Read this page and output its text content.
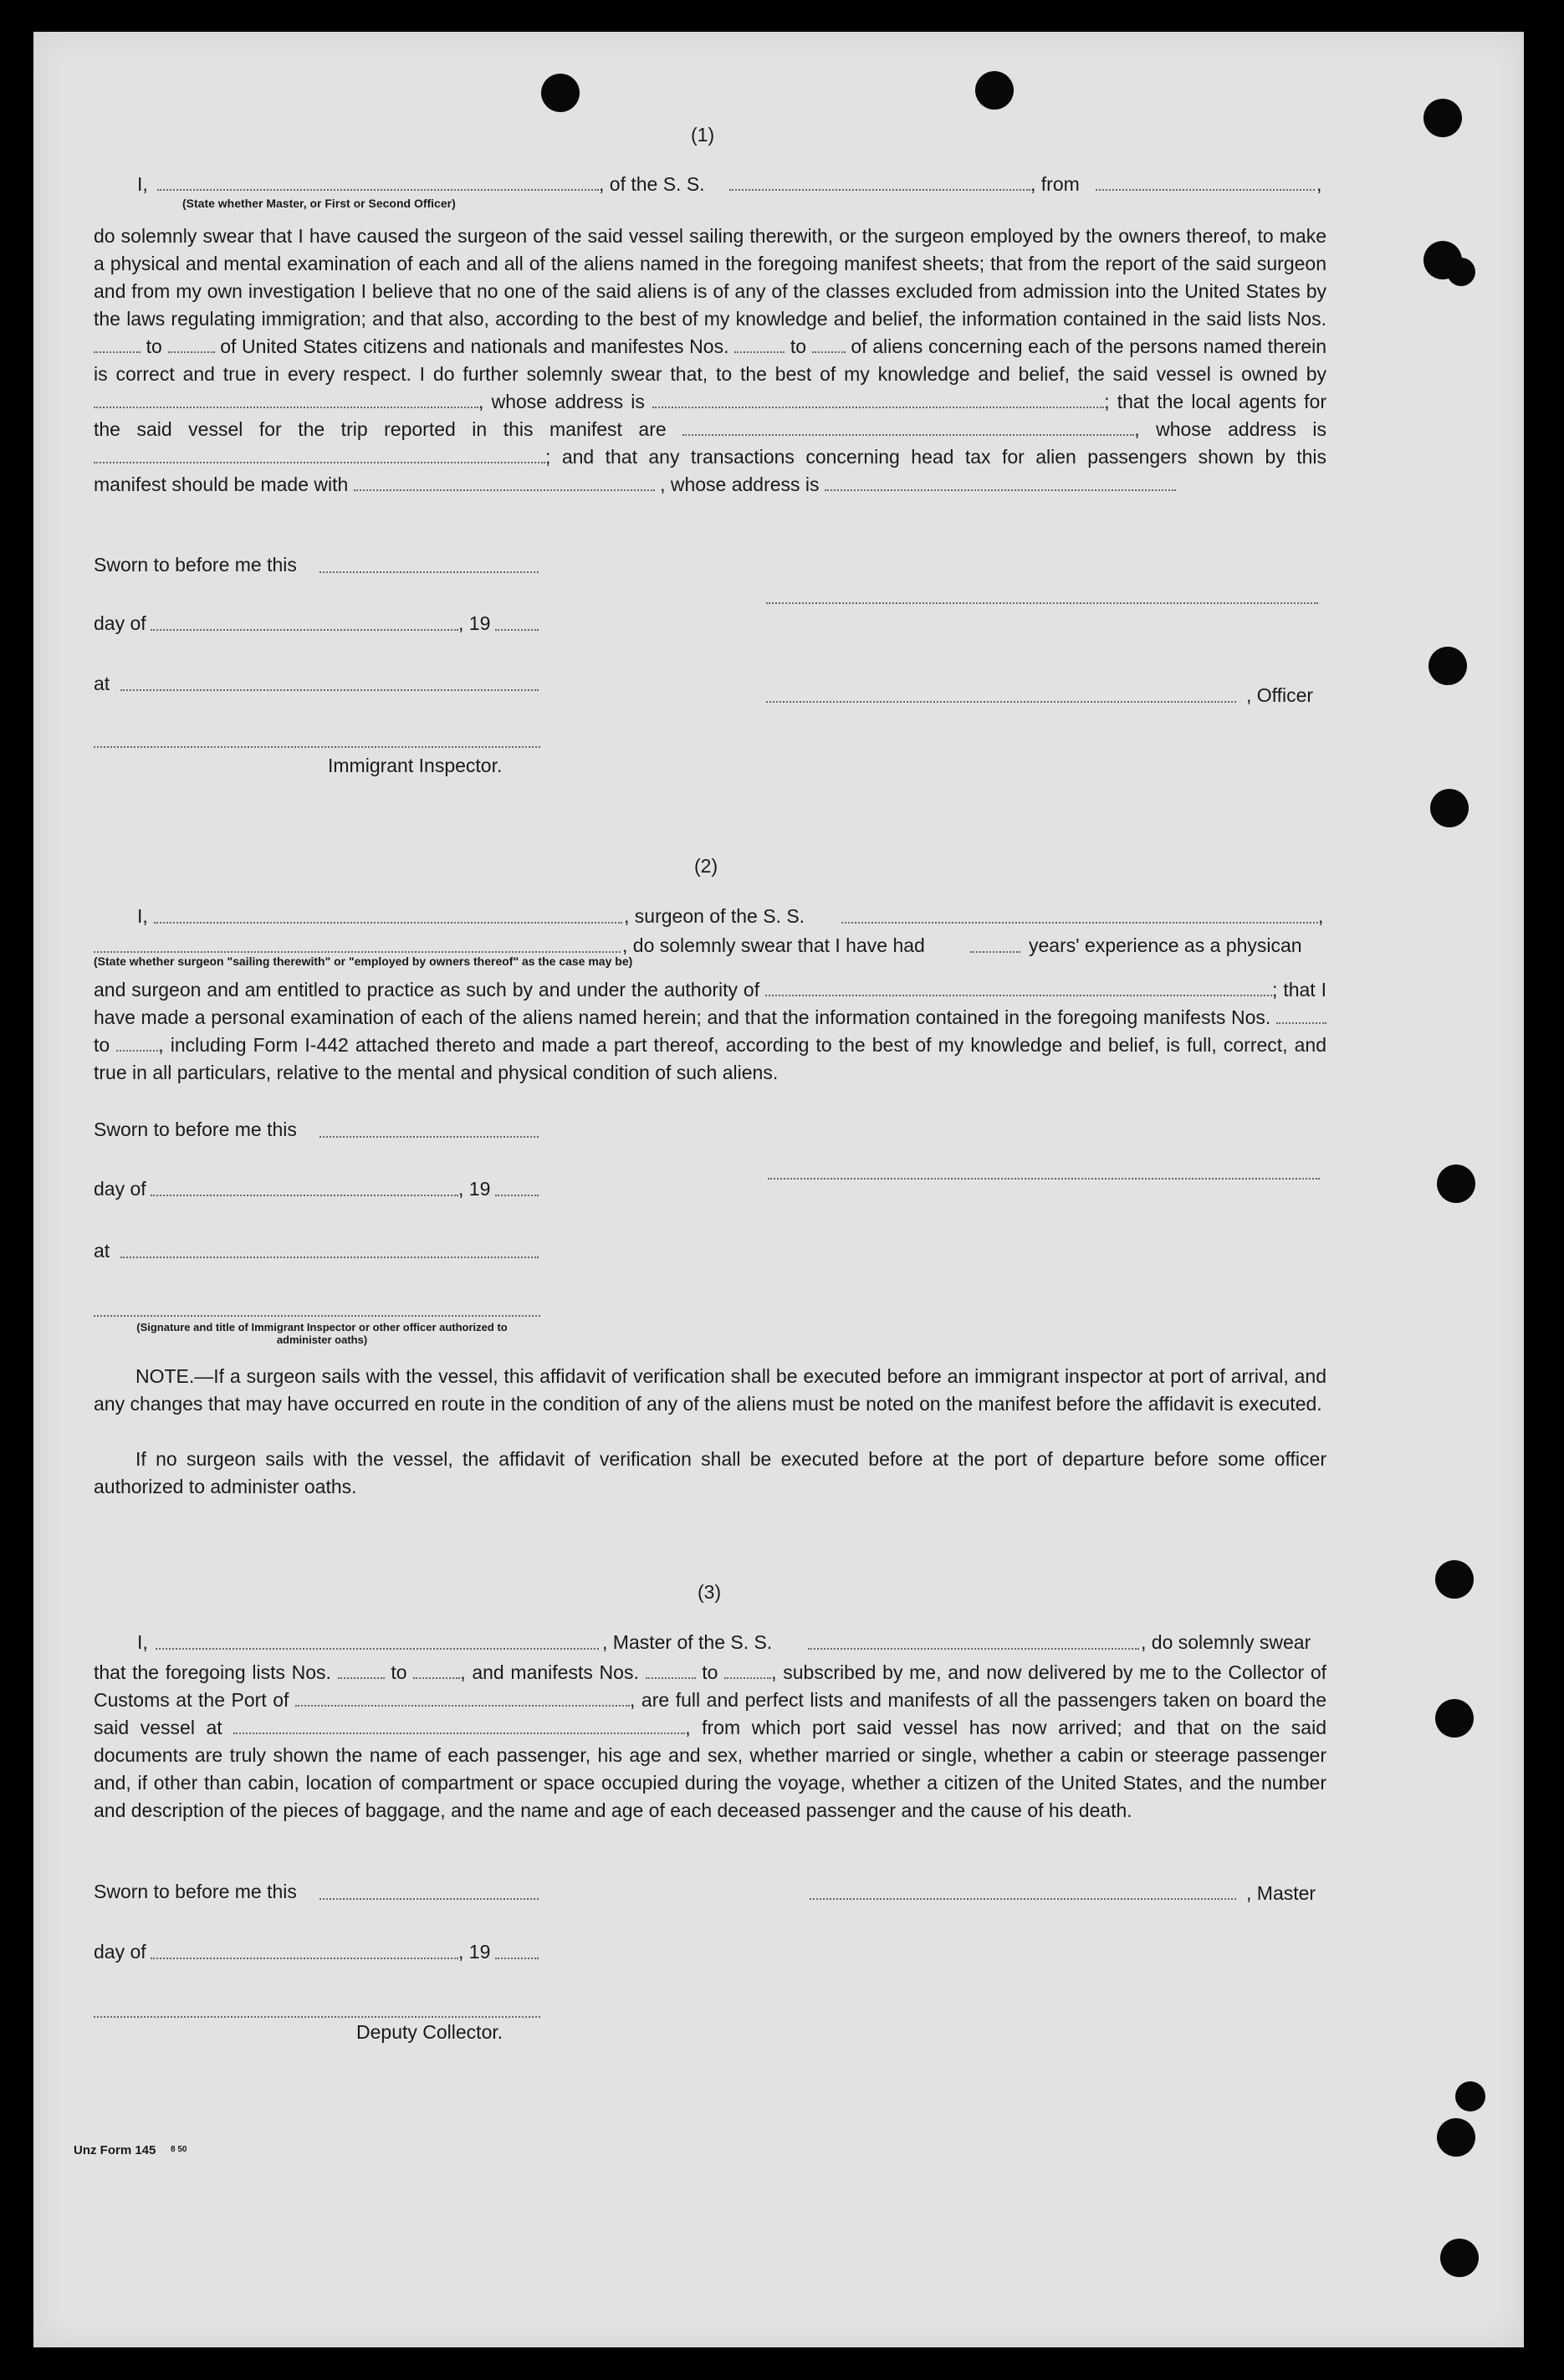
(1)
I,	, of the S. S.	, from	,
(State whether Master, or First or Second Officer)

do solemnly swear that I have caused the surgeon of the said vessel sailing therewith, or the surgeon employed by the owners thereof, to make a physical and mental examination of each and all of the aliens named in the foregoing manifest sheets; that from the report of the said surgeon and from my own investigation I believe that no one of the said aliens is of any of the classes excluded from admission into the United States by the laws regulating immigration; and that also, according to the best of my knowledge and belief, the information contained in the said lists Nos.  to	of United States citizens and nationals and manifestes Nos.	to of aliens concerning each of the persons named therein is correct and true in every respect. I do further solemnly swear that, to the best of my knowledge and belief, the said vessel is owned by , whose address is	; that the local agents for the said vessel for the trip reported in this manifest are	, whose address is ; and that any transactions concerning head tax for alien passengers shown by this manifest should be made with	, whose address is

Sworn to before me this
day of	, 19
at
, Officer
Immigrant Inspector.
(2)
I,	, surgeon of the S. S.	,
, do solemnly swear that I have had	years' experience as a physican
(State whether surgeon "sailing therewith" or "employed by owners thereof" as the case may be)

and surgeon and am entitled to practice as such by and under the authority of	; that I have made a personal examination of each of the aliens named herein; and that the information contained in the foregoing manifests Nos.  to	, including Form I-442 attached thereto and made a part thereof, according to the best of my knowledge and belief, is full, correct, and true in all particulars, relative to the mental and physical condition of such aliens.

Sworn to before me this
day of	, 19
at
(Signature and title of Immigrant Inspector or other officer authorized to administer oaths)

NOTE.—If a surgeon sails with the vessel, this affidavit of verification shall be executed before an immigrant inspector at port of arrival, and any changes that may have occurred en route in the condition of any of the aliens must be noted on the manifest before the affidavit is executed.

If no surgeon sails with the vessel, the affidavit of verification shall be executed before at the port of departure before some officer authorized to administer oaths.

(3)
I,	, Master of the S. S.	, do solemnly swear

that the foregoing lists Nos.	to	, and manifests Nos.	to	, subscribed by me, and now delivered by me to the Collector of Customs at the Port of	, are full and perfect lists and manifests of all the passengers taken on board the said vessel at	, from which port said vessel has now arrived; and that on the said documents are truly shown the name of each passenger, his age and sex, whether married or single, whether a cabin or steerage passenger and, if other than cabin, location of compartment or space occupied during the voyage, whether a citizen of the United States, and the number and description of the pieces of baggage, and the name and age of each deceased passenger and the cause of his death.

Sworn to before me this	, Master
day of	, 19
Deputy Collector.
Unz Form 145 8 50
